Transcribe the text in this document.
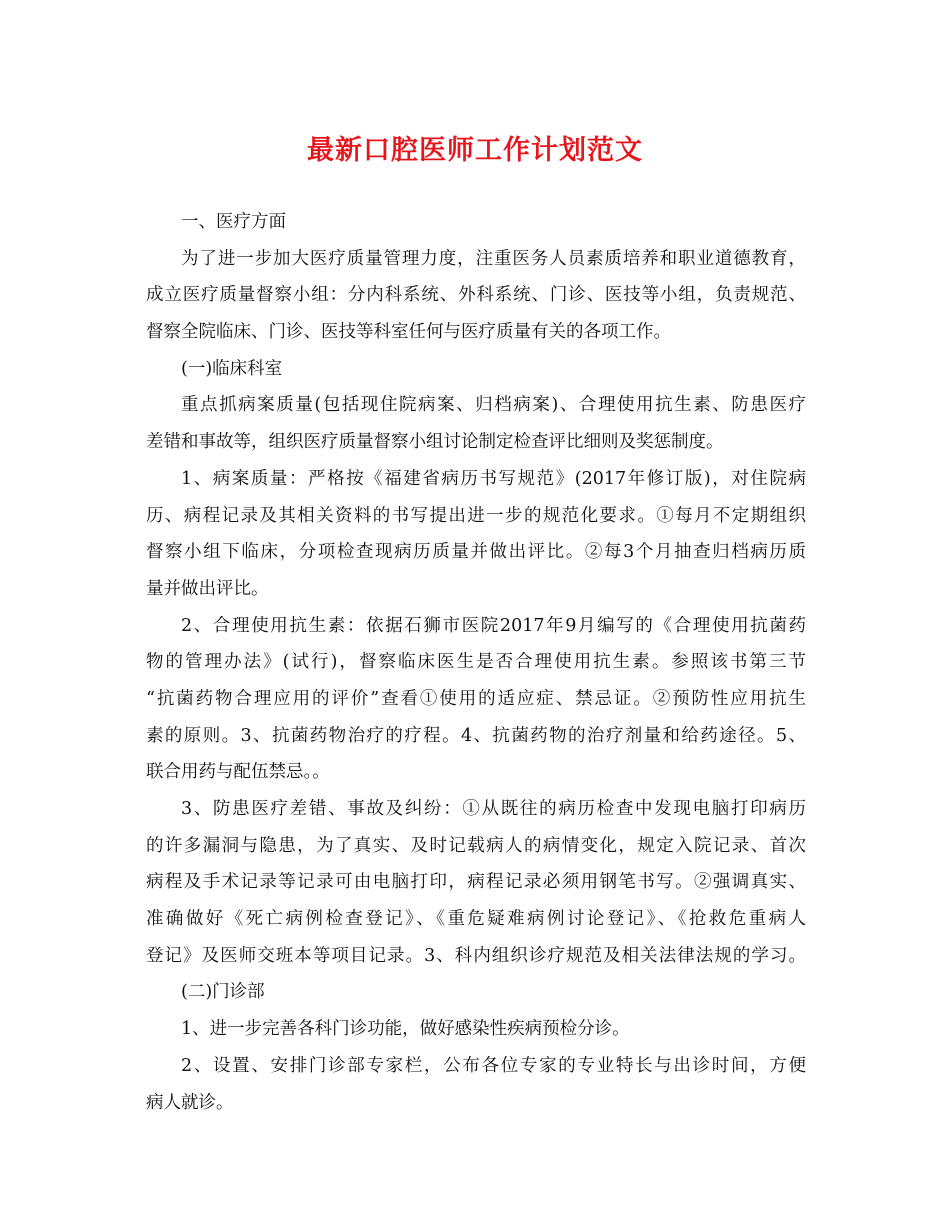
最新口腔医师工作计划范文
一、医疗方面
为了进一步加大医疗质量管理力度，注重医务人员素质培养和职业道德教育，
成立医疗质量督察小组：分内科系统、外科系统、门诊、医技等小组，负责规范、
督察全院临床、门诊、医技等科室任何与医疗质量有关的各项工作。
(一)临床科室
重点抓病案质量(包括现住院病案、归档病案)、合理使用抗生素、防患医疗
差错和事故等，组织医疗质量督察小组讨论制定检查评比细则及奖惩制度。
1、病案质量：严格按《福建省病历书写规范》(2017年修订版)，对住院病
历、病程记录及其相关资料的书写提出进一步的规范化要求。①每月不定期组织
督察小组下临床，分项检查现病历质量并做出评比。②每3个月抽查归档病历质
量并做出评比。
2、合理使用抗生素：依据石狮市医院2017年9月编写的《合理使用抗菌药
物的管理办法》(试行)，督察临床医生是否合理使用抗生素。参照该书第三节
“抗菌药物合理应用的评价”查看①使用的适应症、禁忌证。②预防性应用抗生
素的原则。3、抗菌药物治疗的疗程。4、抗菌药物的治疗剂量和给药途径。5、
联合用药与配伍禁忌。。
3、防患医疗差错、事故及纠纷：①从既往的病历检查中发现电脑打印病历
的许多漏洞与隐患，为了真实、及时记载病人的病情变化，规定入院记录、首次
病程及手术记录等记录可由电脑打印，病程记录必须用钢笔书写。②强调真实、
准确做好《死亡病例检查登记》、《重危疑难病例讨论登记》、《抢救危重病人
登记》及医师交班本等项目记录。3、科内组织诊疗规范及相关法律法规的学习。
(二)门诊部
1、进一步完善各科门诊功能，做好感染性疾病预检分诊。
2、设置、安排门诊部专家栏，公布各位专家的专业特长与出诊时间，方便
病人就诊。
